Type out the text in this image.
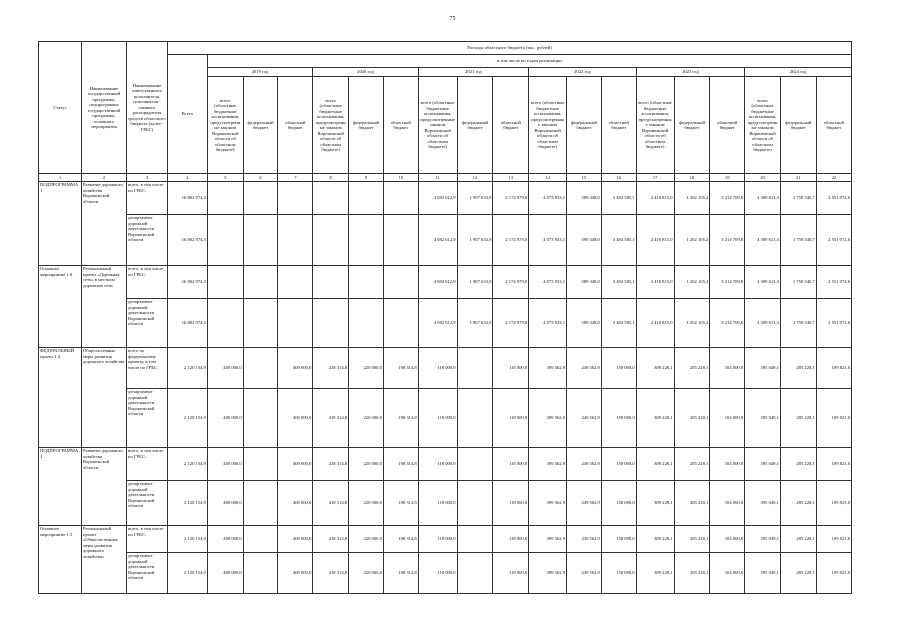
75
Статус	Наименование государственной программы, подпрограммы государственной программы, основного мероприятия	Наименование ответственного исполнителя, исполнителя - главного распорядителя средств областного бюджета (далее - ГРБС)	Расходы областного бюджета (тыс. рублей)																		
			Всего	в том числе по годам реализации																	
				2019 год			2020 год			2021 год			2022 год			2023 год			2024 год		
				всего (областные бюджетные ассигнования, предусмотренные законом Воронежской области об областном бюджете)	федеральный бюджет	областной бюджет	всего (областные бюджетные ассигнования, предусмотренные законом Воронежской области об областном бюджете)	федеральный бюджет	областной бюджет	всего (областные бюджетные ассигнования, предусмотренные законом Воронежской области об областном бюджете)	федеральный бюджет	областной бюджет	всего (областные бюджетные ассигнования, предусмотренные законом Воронежской области об областном бюджете)	федеральный бюджет	областной бюджет	всего (областные бюджетные ассигнования, предусмотренные законом Воронежской области об областном бюджете)	федеральный бюджет	областной бюджет	всего (областные бюджетные ассигнования, предусмотренные законом Воронежской области об областном бюджете)	федеральный бюджет	областной бюджет
1	2	3	4	5	6	7	8	9	10	11	12	13	14	15	16	17	18	19	20	21	22
ПОДПРОГРАММА 1	Развитие дорожного хозяйства Воронежской области	всего, в том числе по ГРБС:	16 802 974,3							4 082 612,9	1 907 633,9	2 174 979,0	4 073 933,1	589 348,0	3 484 585,1	4 416 815,0	1 202 105,2	3 214 709,8	4 309 613,3	1 758 540,7	2 551 072,6
		департамент дорожной деятельности Воронежской области	16 802 974,3							4 082 612,9	1 907 633,9	2 174 979,0	4 073 933,1	589 348,0	3 484 585,1	4 416 815,0	1 202 105,2	3 214 709,8	4 309 613,3	1 758 540,7	2 551 072,6
Основное мероприятие 1.8	Региональный проект «Дорожная сеть» в местном дорожном сети	всего, в том числе по ГРБС:	16 802 974,3							4 082 612,9	1 907 633,9	2 174 979,0	4 073 933,1	589 348,0	3 484 585,1	4 416 815,0	1 202 105,2	3 214 709,8	4 309 613,3	1 758 540,7	2 551 072,6
		департамент дорожной деятельности Воронежской области	16 802 974,3							4 082 612,9	1 907 633,9	2 174 979,0	4 073 933,1	589 348,0	3 484 585,1	4 416 815,0	1 202 105,2	3 214 709,8	4 309 613,3	1 758 540,7	2 551 072,6
ФЕДЕРАЛЬНЫЙ проект 1.3	Общесистемные меры развития дорожного хозяйства	всего по федеральному проекту, в том числе по ГРБС:	2 120 154,9	400 000,0		400 000,0	418 314,8	220 000,0	198 314,8	118 000,0		118 000,0	399 562,9	249 562,9	150 000,0	389 228,1	285 228,1	104 000,0	395 049,1	285 228,1	109 821,0
		департамент дорожной деятельности Воронежской области	2 120 154,9	400 000,0		400 000,0	418 314,8	220 000,0	198 314,8	118 000,0		118 000,0	399 562,9	249 562,9	150 000,0	389 228,1	285 228,1	104 000,0	395 049,1	285 228,1	109 821,0
ПОДПРОГРАММА 1	Развитие дорожного хозяйства Воронежской области	всего, в том числе по ГРБС:	2 120 154,9	400 000,0		400 000,0	418 314,8	220 000,0	198 314,8	118 000,0		118 000,0	399 562,9	249 562,9	150 000,0	389 228,1	285 228,1	104 000,0	395 049,1	285 228,1	109 821,0
		департамент дорожной деятельности Воронежской области	2 120 154,9	400 000,0		400 000,0	418 314,8	220 000,0	198 314,8	118 000,0		118 000,0	399 562,9	249 562,9	150 000,0	389 228,1	285 228,1	104 000,0	395 049,1	285 228,1	109 821,0
Основное мероприятие 1.5	Региональный проект «Общесистемные меры развития дорожного хозяйства»	всего, в том числе по ГРБС:	2 120 154,9	400 000,0		400 000,0	418 314,8	220 000,0	198 314,8	118 000,0		118 000,0	399 562,9	249 562,9	150 000,0	389 228,1	285 228,1	104 000,0	395 049,1	285 228,1	109 821,0
		департамент дорожной деятельности Воронежской области	2 120 154,9	400 000,0		400 000,0	418 314,8	220 000,0	198 314,8	118 000,0		118 000,0	399 562,9	249 562,9	150 000,0	389 228,1	285 228,1	104 000,0	395 049,1	285 228,1	109 821,0
